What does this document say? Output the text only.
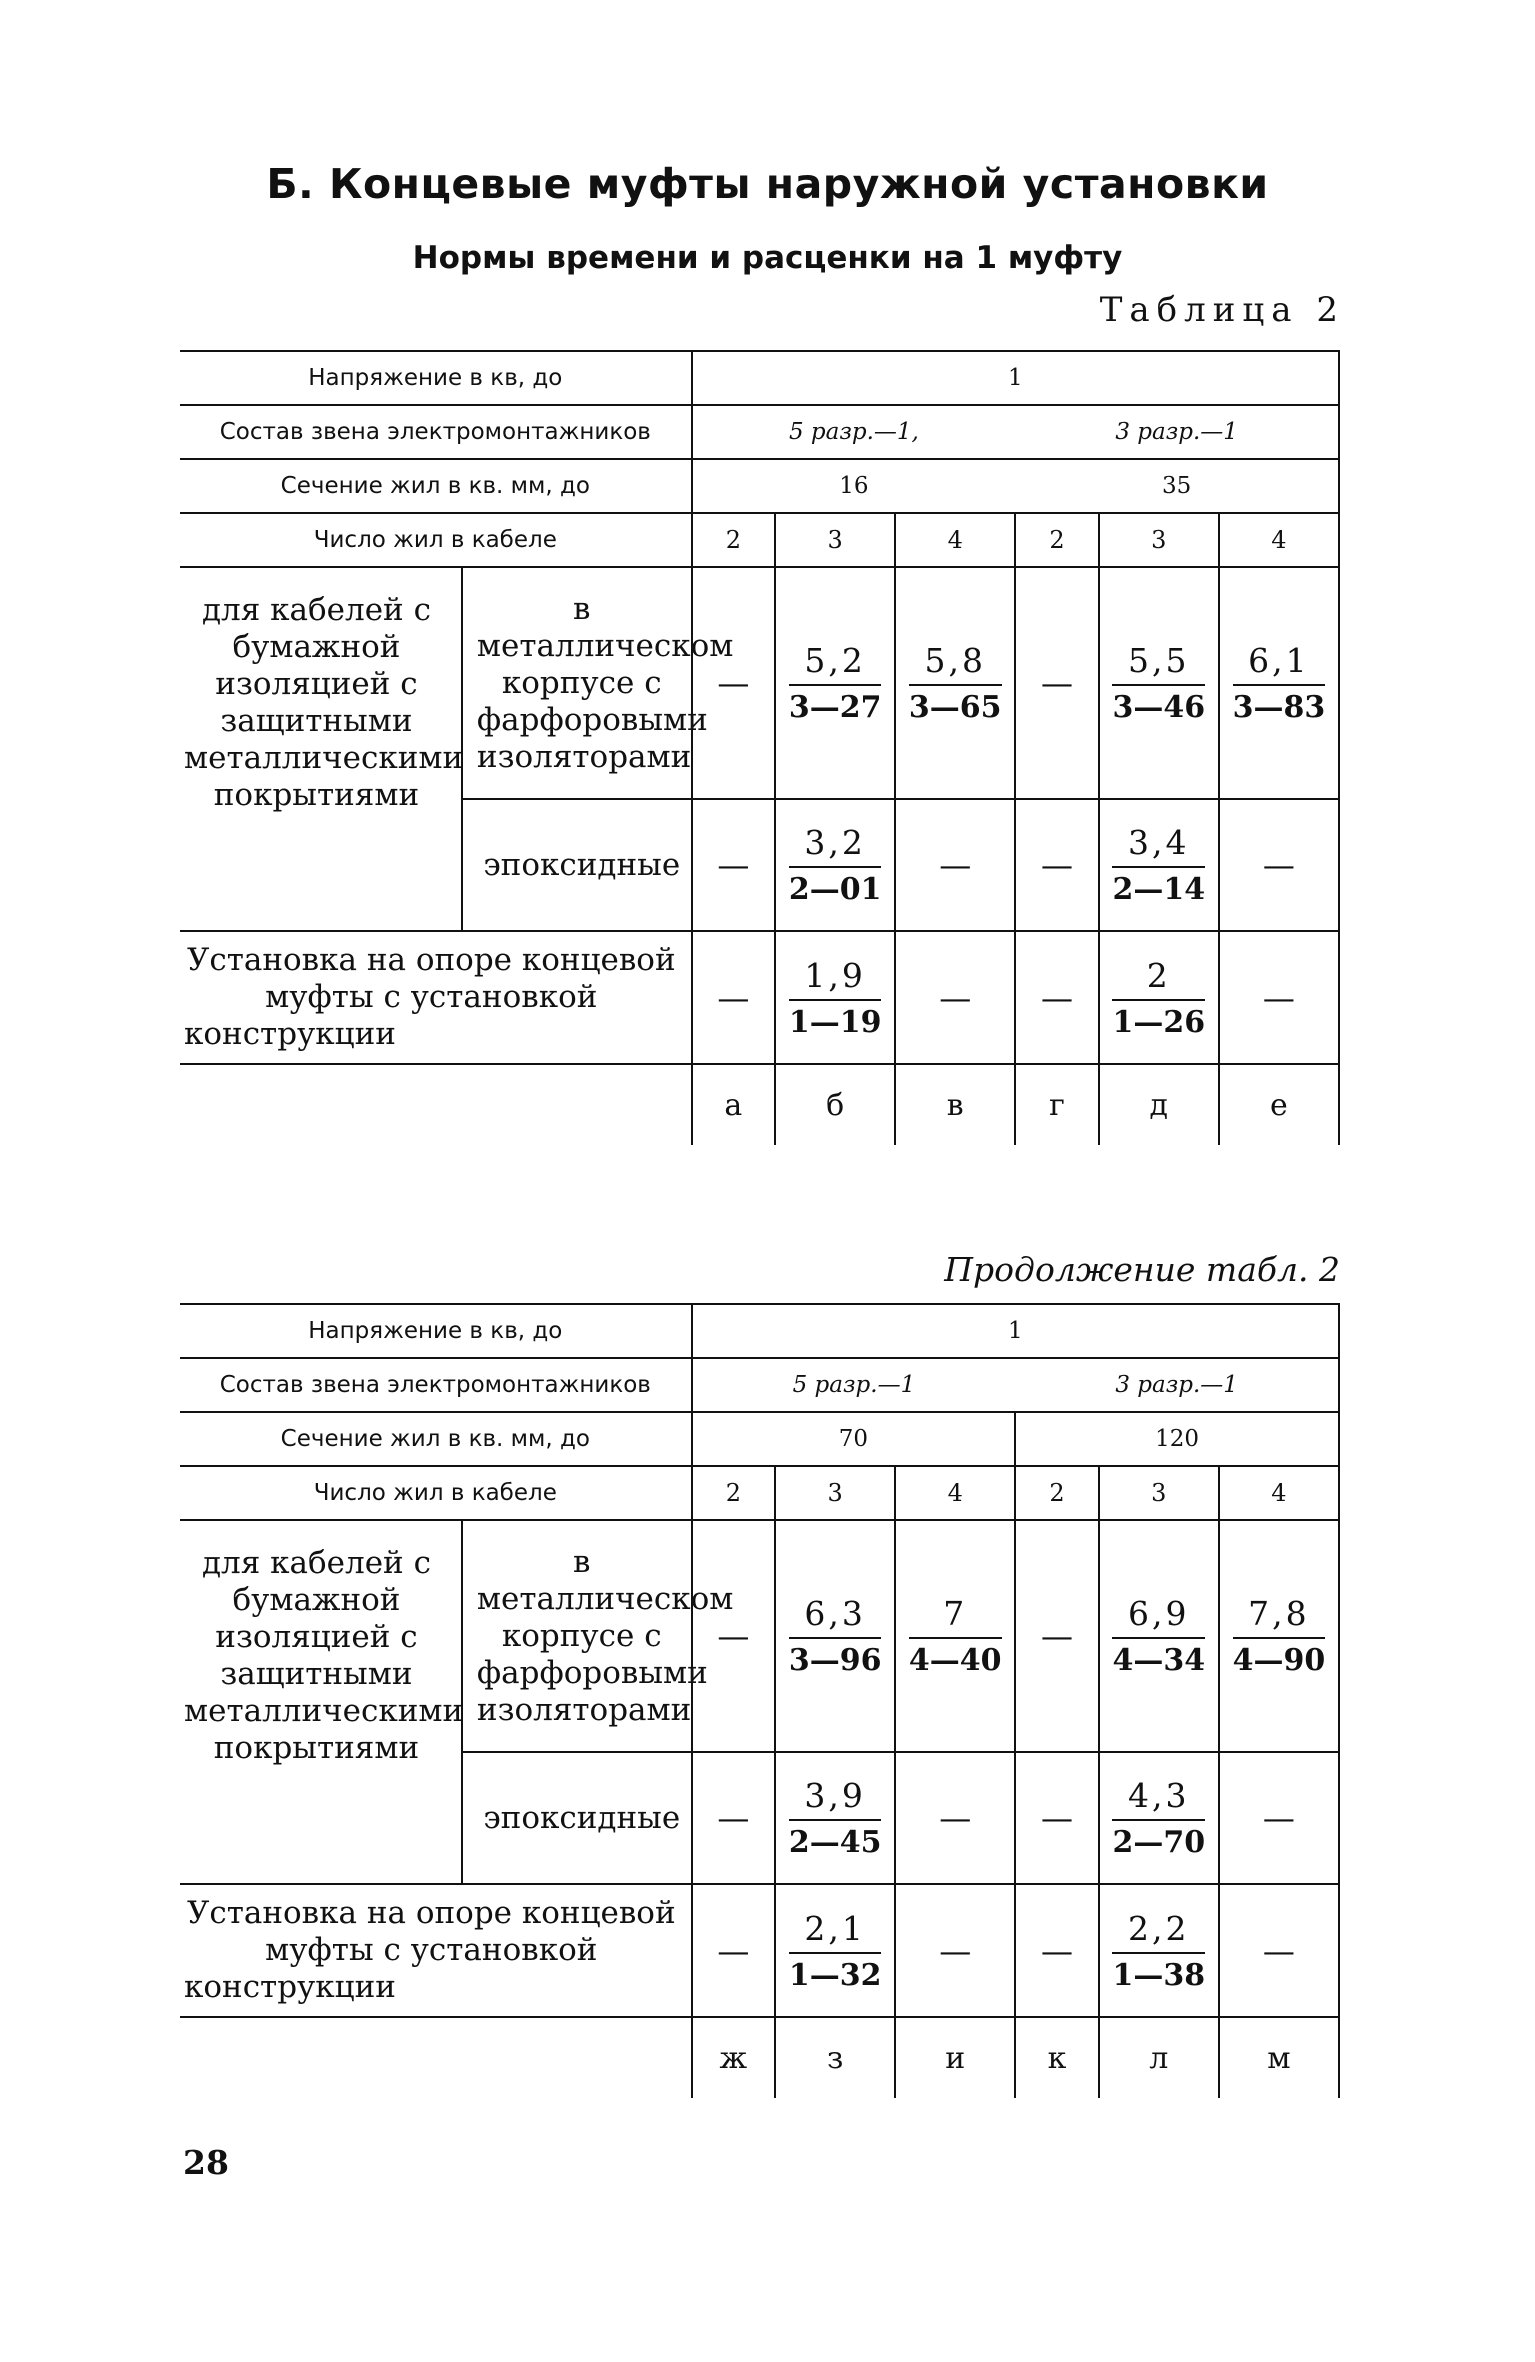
Б. Концевые муфты наружной установки
Нормы времени и расценки на 1 муфту
Таблица 2
Напряжение в кв, до		1					
Состав звена электромонтажников		5 разр.—1,			3 разр.—1		
Сечение жил в кв. мм, до		16			35		
Число жил в кабеле		2	3	4	2	3	4
для кабелей с бумажной изоляцией с защитными металлическими покрытиями	в металлическом корпусе с фарфоровыми изоляторами	—	$\frac{5,2}{3—27}$	$\frac{5,8}{3—65}$	—	$\frac{5,5}{3—46}$	$\frac{6,1}{3—83}$

	эпоксидные	—	$\frac{3,2}{2—01}$	—	—	$\frac{3,4}{2—14}$	—
Установка на опоре концевой муфты с установкой конструкции		—	$\frac{1,9}{1—19}$	—	—	$\frac{2}{1—26}$	—
		а	б	в	г	д	е
Продолжение табл. 2
Напряжение в кв, до		1					
Состав звена электромонтажников		5 разр.—1			3 разр.—1		
Сечение жил в кв. мм, до		70			120		
Число жил в кабеле		2	3	4	2	3	4
для кабелей с бумажной изоляцией с защитными металлическими покрытиями	в металлическом корпусе с фарфоровыми изоляторами	—	$\frac{6,3}{3—96}$	$\frac{7}{4—40}$	—	$\frac{6,9}{4—34}$	$\frac{7,8}{4—90}$

	эпоксидные	—	$\frac{3,9}{2—45}$	—	—	$\frac{4,3}{2—70}$	—
Установка на опоре концевой муфты с установкой конструкции		—	$\frac{2,1}{1—32}$	—	—	$\frac{2,2}{1—38}$	—
		ж	з	и	к	л	м
28
